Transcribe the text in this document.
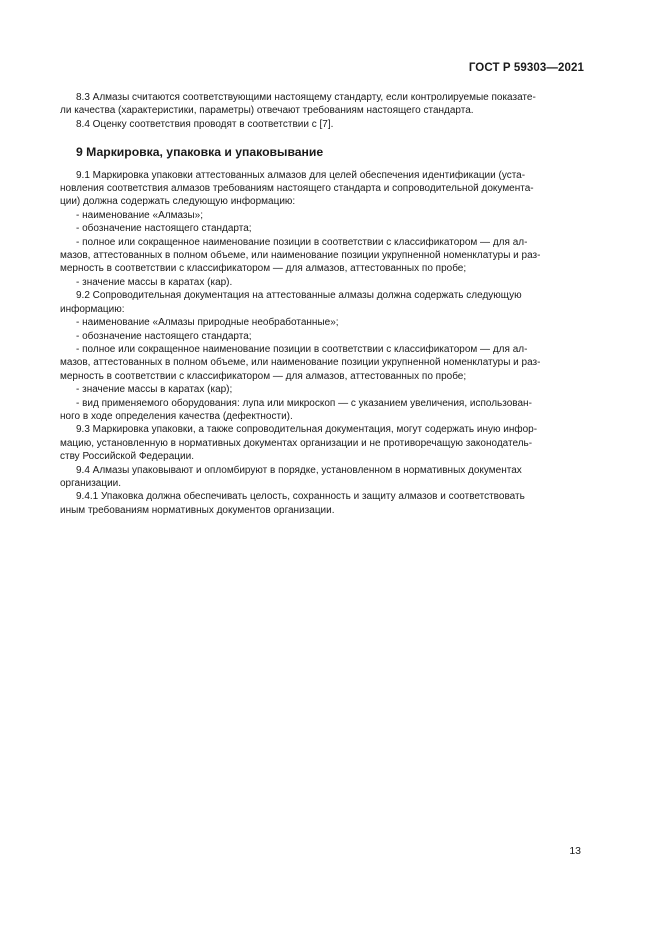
ГОСТ Р 59303—2021
8.3 Алмазы считаются соответствующими настоящему стандарту, если контролируемые показате-
ли качества (характеристики, параметры) отвечают требованиям настоящего стандарта.
8.4 Оценку соответствия проводят в соответствии с [7].
9 Маркировка, упаковка и упаковывание
9.1 Маркировка упаковки аттестованных алмазов для целей обеспечения идентификации (уста-
новления соответствия алмазов требованиям настоящего стандарта и сопроводительной документа-
ции) должна содержать следующую информацию:
- наименование «Алмазы»;
- обозначение настоящего стандарта;
- полное или сокращенное наименование позиции в соответствии с классификатором — для ал-
мазов, аттестованных в полном объеме, или наименование позиции укрупненной номенклатуры и раз-
мерность в соответствии с классификатором — для алмазов, аттестованных по пробе;
- значение массы в каратах (кар).
9.2 Сопроводительная документация на аттестованные алмазы должна содержать следующую
информацию:
- наименование «Алмазы природные необработанные»;
- обозначение настоящего стандарта;
- полное или сокращенное наименование позиции в соответствии с классификатором — для ал-
мазов, аттестованных в полном объеме, или наименование позиции укрупненной номенклатуры и раз-
мерность в соответствии с классификатором — для алмазов, аттестованных по пробе;
- значение массы в каратах (кар);
- вид применяемого оборудования: лупа или микроскоп — с указанием увеличения, использован-
ного в ходе определения качества (дефектности).
9.3 Маркировка упаковки, а также сопроводительная документация, могут содержать иную инфор-
мацию, установленную в нормативных документах организации и не противоречащую законодатель-
ству Российской Федерации.
9.4 Алмазы упаковывают и опломбируют в порядке, установленном в нормативных документах
организации.
9.4.1 Упаковка должна обеспечивать целость, сохранность и защиту алмазов и соответствовать
иным требованиям нормативных документов организации.
13
